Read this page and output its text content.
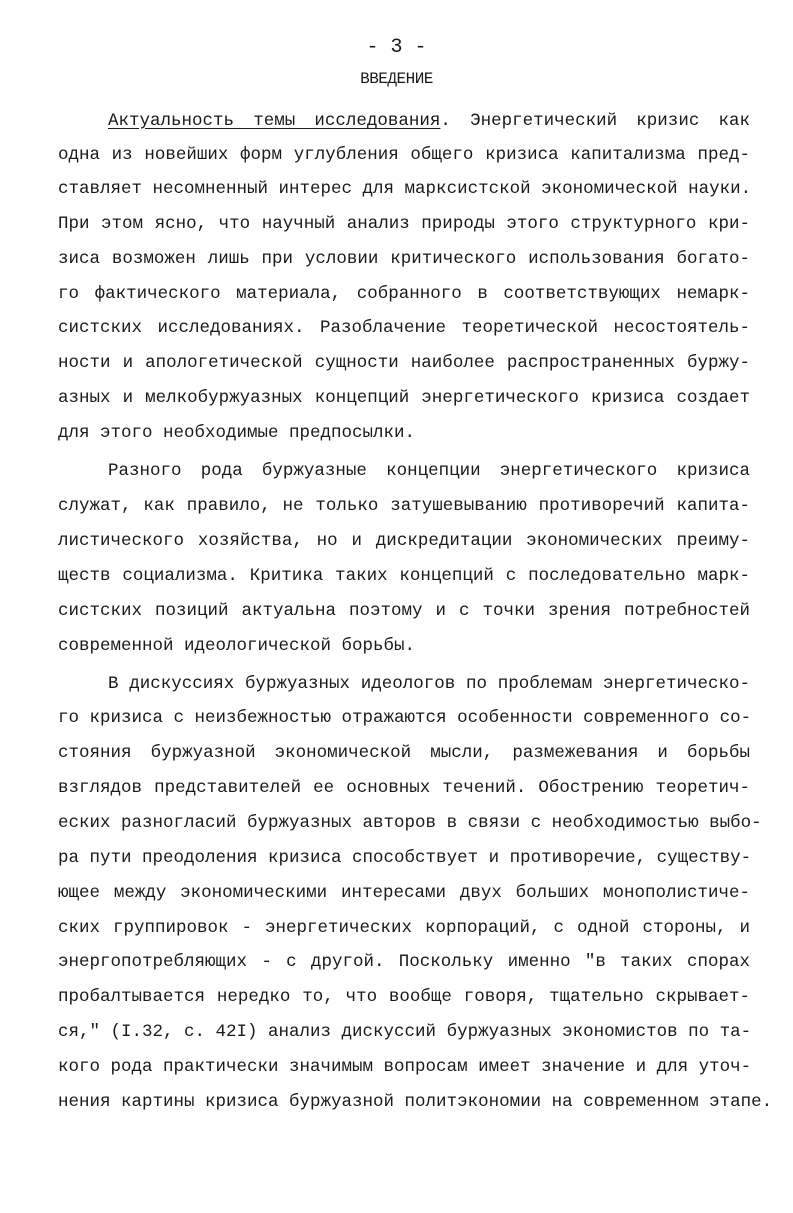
- 3 -
ВВЕДЕНИЕ
Актуальность темы исследования. Энергетический кризис как
одна из новейших форм углубления общего кризиса капитализма пред-
ставляет несомненный интерес для марксистской экономической науки.
При этом ясно, что научный анализ природы этого структурного кри-
зиса возможен лишь при условии критического использования богато-
го фактического материала, собранного в соответствующих немарк-
систских исследованиях. Разоблачение теоретической несостоятель-
ности и апологетической сущности наиболее распространенных буржу-
азных и мелкобуржуазных концепций энергетического кризиса создает
для этого необходимые предпосылки.
Разного рода буржуазные концепции энергетического кризиса
служат, как правило, не только затушевыванию противоречий капита-
листического хозяйства, но и дискредитации экономических преиму-
ществ социализма. Критика таких концепций с последовательно марк-
систских позиций актуальна поэтому и с точки зрения потребностей
современной идеологической борьбы.
В дискуссиях буржуазных идеологов по проблемам энергетическо-
го кризиса с неизбежностью отражаются особенности современного со-
стояния буржуазной экономической мысли, размежевания и борьбы
взглядов представителей ее основных течений. Обострению теоретич-
еских разногласий буржуазных авторов в связи с необходимостью выбо-
ра пути преодоления кризиса способствует и противоречие, существу-
ющее между экономическими интересами двух больших монополистиче-
ских группировок - энергетических корпораций, с одной стороны, и
энергопотребляющих - с другой. Поскольку именно "в таких спорах
пробалтывается нередко то, что вообще говоря, тщательно скрывает-
ся," (I.32, с. 42I) анализ дискуссий буржуазных экономистов по та-
кого рода практически значимым вопросам имеет значение и для уточ-
нения картины кризиса буржуазной политэкономии на современном этапе.
